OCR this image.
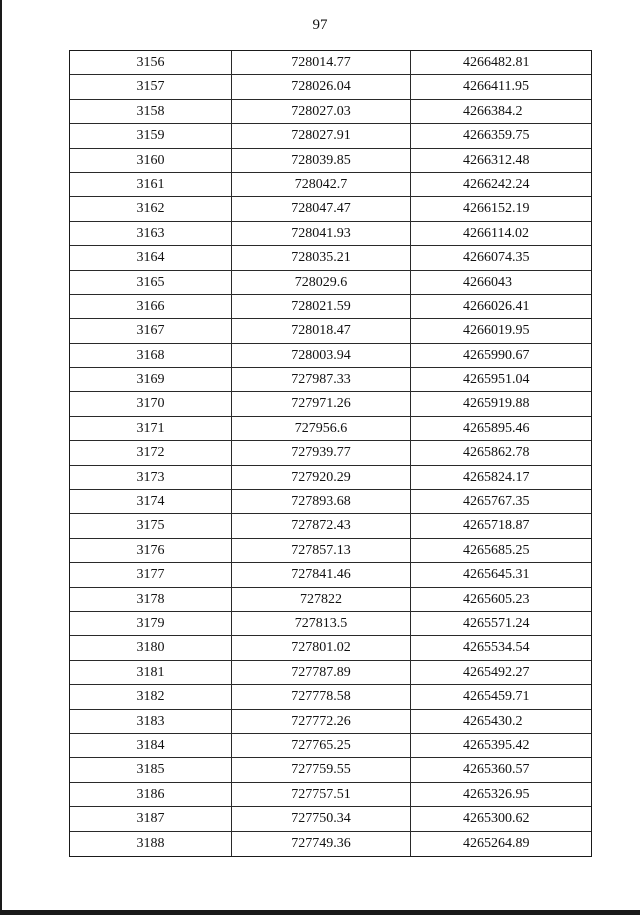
97
3156	728014.77	4266482.81
3157	728026.04	4266411.95
3158	728027.03	4266384.2
3159	728027.91	4266359.75
3160	728039.85	4266312.48
3161	728042.7	4266242.24
3162	728047.47	4266152.19
3163	728041.93	4266114.02
3164	728035.21	4266074.35
3165	728029.6	4266043
3166	728021.59	4266026.41
3167	728018.47	4266019.95
3168	728003.94	4265990.67
3169	727987.33	4265951.04
3170	727971.26	4265919.88
3171	727956.6	4265895.46
3172	727939.77	4265862.78
3173	727920.29	4265824.17
3174	727893.68	4265767.35
3175	727872.43	4265718.87
3176	727857.13	4265685.25
3177	727841.46	4265645.31
3178	727822	4265605.23
3179	727813.5	4265571.24
3180	727801.02	4265534.54
3181	727787.89	4265492.27
3182	727778.58	4265459.71
3183	727772.26	4265430.2
3184	727765.25	4265395.42
3185	727759.55	4265360.57
3186	727757.51	4265326.95
3187	727750.34	4265300.62
3188	727749.36	4265264.89
